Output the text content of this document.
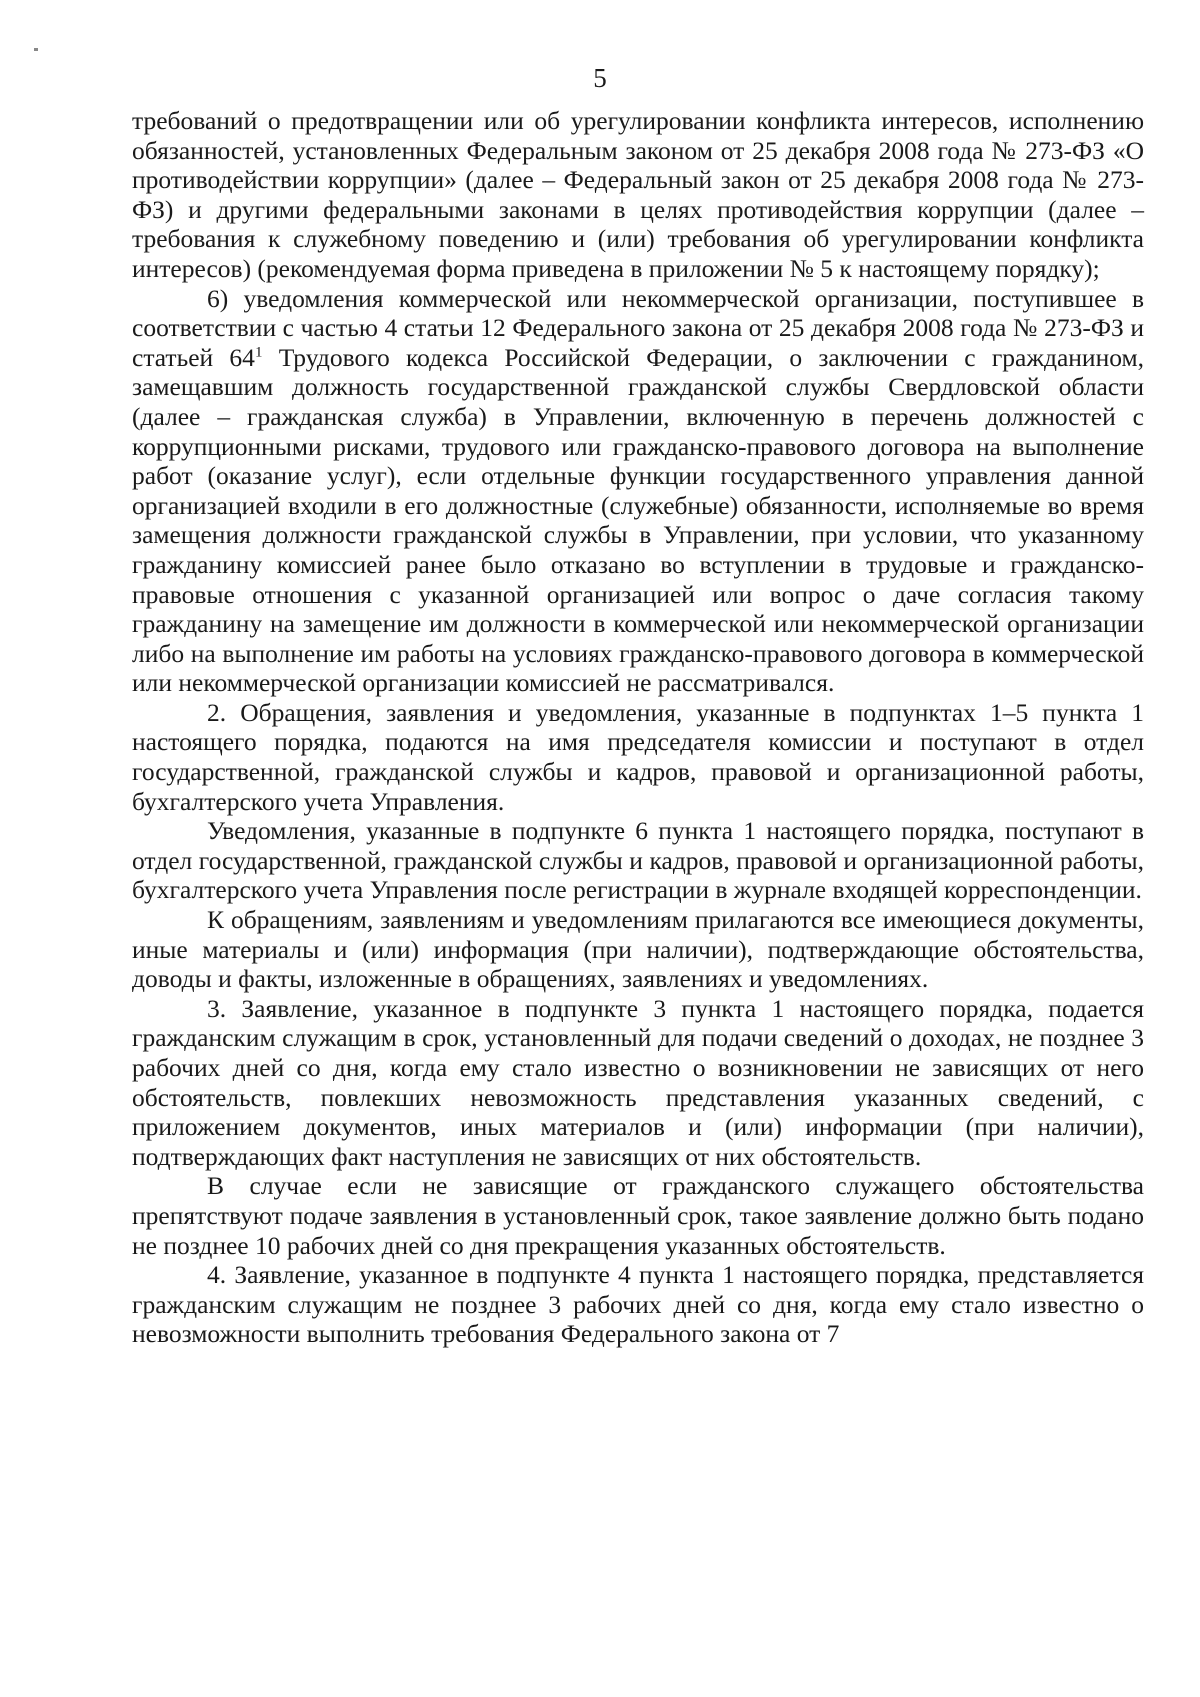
5

требований о предотвращении или об урегулировании конфликта интересов, исполнению обязанностей, установленных Федеральным законом от 25 декабря 2008 года № 273-ФЗ «О противодействии коррупции» (далее – Федеральный закон от 25 декабря 2008 года № 273-ФЗ) и другими федеральными законами в целях противодействия коррупции (далее – требования к служебному поведению и (или) требования об урегулировании конфликта интересов) (рекомендуемая форма приведена в приложении № 5 к настоящему порядку);

6) уведомления коммерческой или некоммерческой организации, поступившее в соответствии с частью 4 статьи 12 Федерального закона от 25 декабря 2008 года № 273-ФЗ и статьей $64^1$ Трудового кодекса Российской Федерации, о заключении с гражданином, замещавшим должность государственной гражданской службы Свердловской области (далее – гражданская служба) в Управлении, включенную в перечень должностей с коррупционными рисками, трудового или гражданско-правового договора на выполнение работ (оказание услуг), если отдельные функции государственного управления данной организацией входили в его должностные (служебные) обязанности, исполняемые во время замещения должности гражданской службы в Управлении, при условии, что указанному гражданину комиссией ранее было отказано во вступлении в трудовые и гражданско-правовые отношения с указанной организацией или вопрос о даче согласия такому гражданину на замещение им должности в коммерческой или некоммерческой организации либо на выполнение им работы на условиях гражданско-правового договора в коммерческой или некоммерческой организации комиссией не рассматривался.

2. Обращения, заявления и уведомления, указанные в подпунктах 1–5 пункта 1 настоящего порядка, подаются на имя председателя комиссии и поступают в отдел государственной, гражданской службы и кадров, правовой и организационной работы, бухгалтерского учета Управления.

Уведомления, указанные в подпункте 6 пункта 1 настоящего порядка, поступают в отдел государственной, гражданской службы и кадров, правовой и организационной работы, бухгалтерского учета Управления после регистрации в журнале входящей корреспонденции.

К обращениям, заявлениям и уведомлениям прилагаются все имеющиеся документы, иные материалы и (или) информация (при наличии), подтверждающие обстоятельства, доводы и факты, изложенные в обращениях, заявлениях и уведомлениях.

3. Заявление, указанное в подпункте 3 пункта 1 настоящего порядка, подается гражданским служащим в срок, установленный для подачи сведений о доходах, не позднее 3 рабочих дней со дня, когда ему стало известно о возникновении не зависящих от него обстоятельств, повлекших невозможность представления указанных сведений, с приложением документов, иных материалов и (или) информации (при наличии), подтверждающих факт наступления не зависящих от них обстоятельств.

В случае если не зависящие от гражданского служащего обстоятельства препятствуют подаче заявления в установленный срок, такое заявление должно быть подано не позднее 10 рабочих дней со дня прекращения указанных обстоятельств.

4. Заявление, указанное в подпункте 4 пункта 1 настоящего порядка, представляется гражданским служащим не позднее 3 рабочих дней со дня, когда ему стало известно о невозможности выполнить требования Федерального закона от 7
